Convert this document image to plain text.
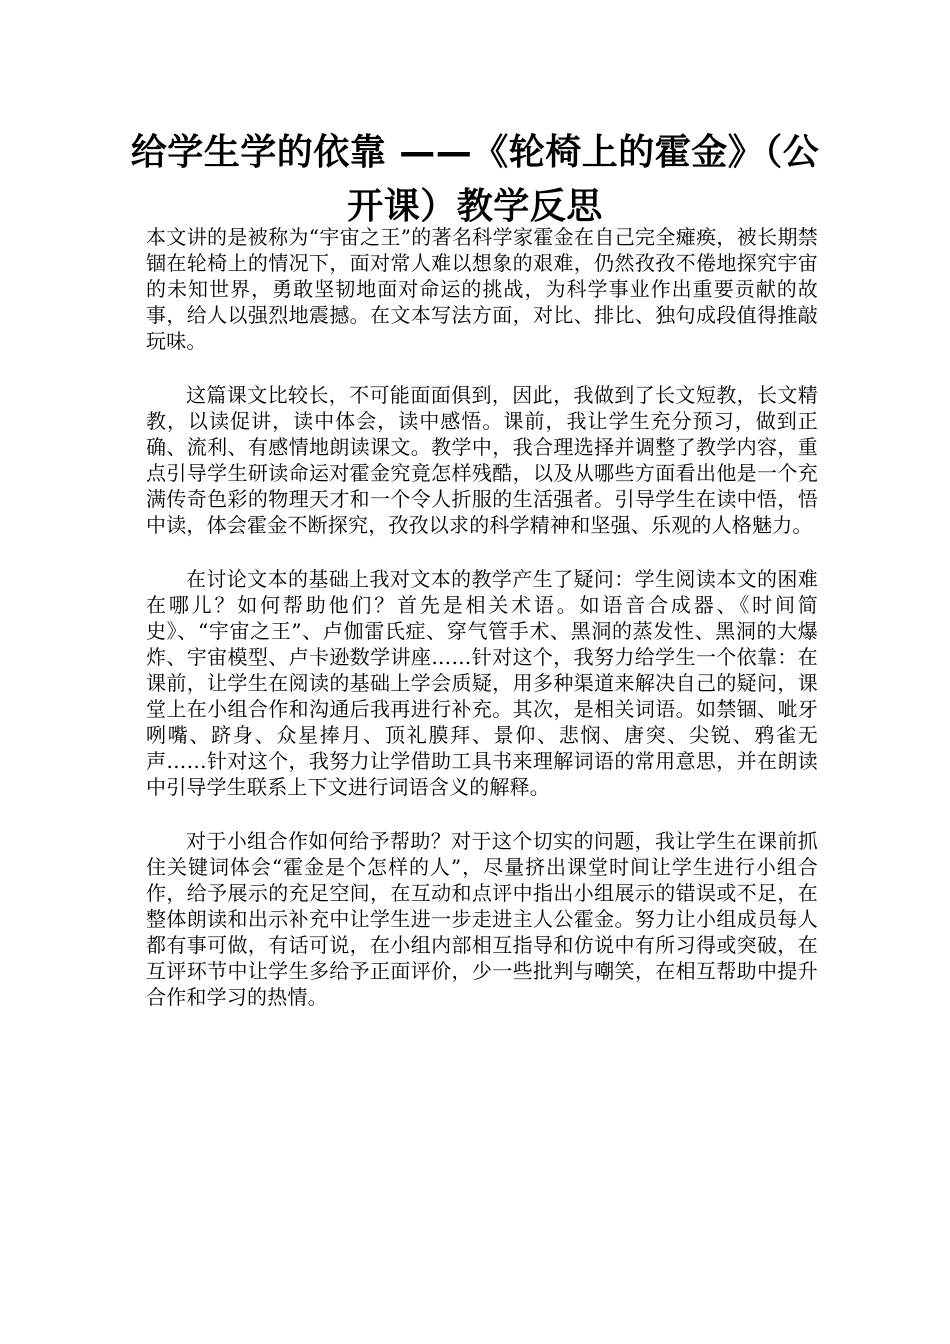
给学生学的依靠 ——《轮椅上的霍金》（公开课）教学反思

本文讲的是被称为“宇宙之王”的著名科学家霍金在自己完全瘫痪，被长期禁锢在轮椅上的情况下，面对常人难以想象的艰难，仍然孜孜不倦地探究宇宙的未知世界，勇敢坚韧地面对命运的挑战，为科学事业作出重要贡献的故事，给人以强烈地震撼。在文本写法方面，对比、排比、独句成段值得推敲玩味。

这篇课文比较长，不可能面面俱到，因此，我做到了长文短教，长文精教，以读促讲，读中体会，读中感悟。课前，我让学生充分预习，做到正确、流利、有感情地朗读课文。教学中，我合理选择并调整了教学内容，重点引导学生研读命运对霍金究竟怎样残酷，以及从哪些方面看出他是一个充满传奇色彩的物理天才和一个令人折服的生活强者。引导学生在读中悟，悟中读，体会霍金不断探究，孜孜以求的科学精神和坚强、乐观的人格魅力。

在讨论文本的基础上我对文本的教学产生了疑问：学生阅读本文的困难在哪儿？如何帮助他们？首先是相关术语。如语音合成器、《时间简史》、“宇宙之王”、卢伽雷氏症、穿气管手术、黑洞的蒸发性、黑洞的大爆炸、宇宙模型、卢卡逊数学讲座……针对这个，我努力给学生一个依靠：在课前，让学生在阅读的基础上学会质疑，用多种渠道来解决自己的疑问，课堂上在小组合作和沟通后我再进行补充。其次，是相关词语。如禁锢、呲牙咧嘴、跻身、众星捧月、顶礼膜拜、景仰、悲悯、唐突、尖锐、鸦雀无声……针对这个，我努力让学借助工具书来理解词语的常用意思，并在朗读中引导学生联系上下文进行词语含义的解释。

对于小组合作如何给予帮助？对于这个切实的问题，我让学生在课前抓住关键词体会“霍金是个怎样的人”，尽量挤出课堂时间让学生进行小组合作，给予展示的充足空间，在互动和点评中指出小组展示的错误或不足，在整体朗读和出示补充中让学生进一步走进主人公霍金。努力让小组成员每人都有事可做，有话可说，在小组内部相互指导和仿说中有所习得或突破，在互评环节中让学生多给予正面评价，少一些批判与嘲笑，在相互帮助中提升合作和学习的热情。
